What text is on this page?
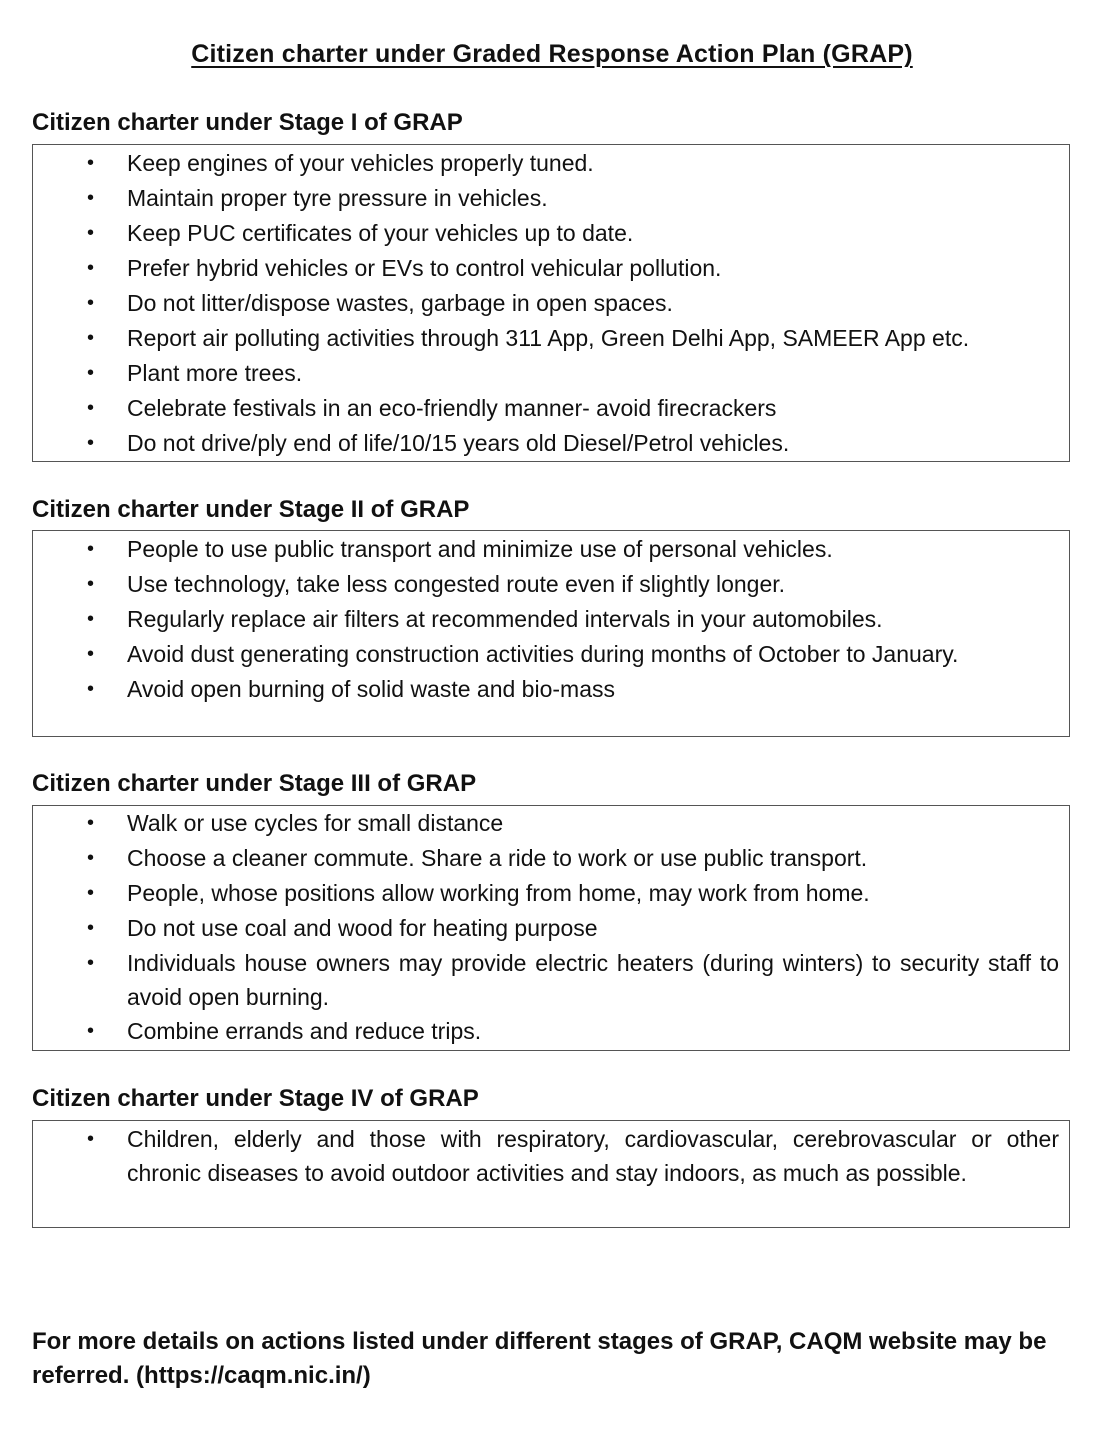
Citizen charter under Graded Response Action Plan (GRAP)
Citizen charter under Stage I of GRAP
• Keep engines of your vehicles properly tuned.
• Maintain proper tyre pressure in vehicles.
• Keep PUC certificates of your vehicles up to date.
• Prefer hybrid vehicles or EVs to control vehicular pollution.
• Do not litter/dispose wastes, garbage in open spaces.
• Report air polluting activities through 311 App, Green Delhi App, SAMEER App etc.
• Plant more trees.
• Celebrate festivals in an eco-friendly manner- avoid firecrackers
• Do not drive/ply end of life/10/15 years old Diesel/Petrol vehicles.
Citizen charter under Stage II of GRAP
• People to use public transport and minimize use of personal vehicles.
• Use technology, take less congested route even if slightly longer.
• Regularly replace air filters at recommended intervals in your automobiles.
• Avoid dust generating construction activities during months of October to January.
• Avoid open burning of solid waste and bio-mass
Citizen charter under Stage III of GRAP
• Walk or use cycles for small distance
• Choose a cleaner commute. Share a ride to work or use public transport.
• People, whose positions allow working from home, may work from home.
• Do not use coal and wood for heating purpose
• Individuals house owners may provide electric heaters (during winters) to security staff to avoid open burning.
• Combine errands and reduce trips.
Citizen charter under Stage IV of GRAP
• Children, elderly and those with respiratory, cardiovascular, cerebrovascular or other chronic diseases to avoid outdoor activities and stay indoors, as much as possible.
For more details on actions listed under different stages of GRAP, CAQM website may be referred. (https://caqm.nic.in/)
